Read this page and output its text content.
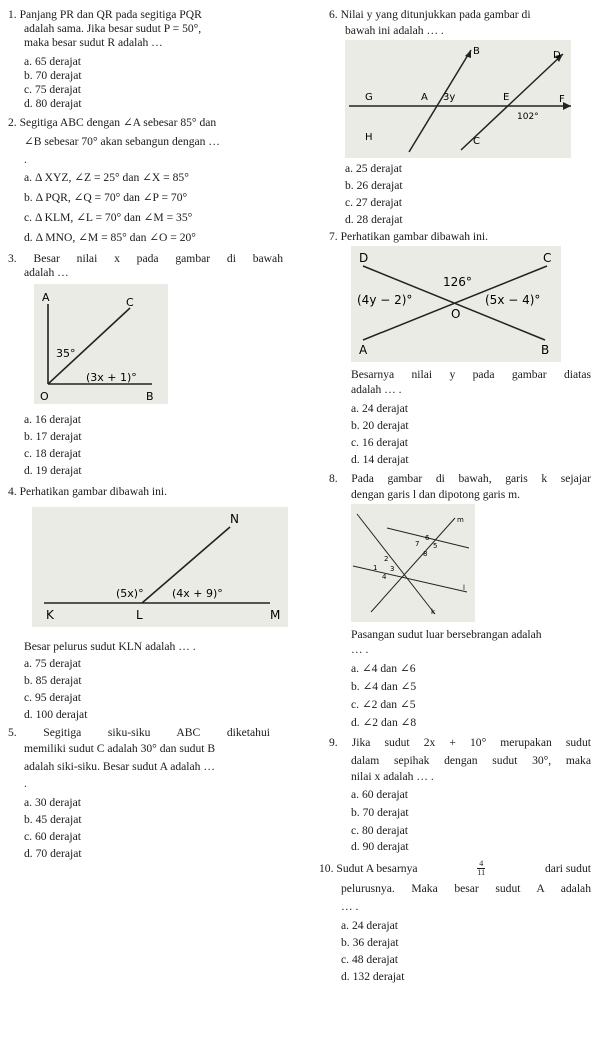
1. Panjang PR dan QR pada segitiga PQR
adalah sama. Jika besar sudut P = 50°,
maka besar sudut R adalah …
a. 65 derajat
b. 70 derajat
c. 75 derajat
d. 80 derajat
2. Segitiga ABC dengan ∠A sebesar 85° dan
∠B sebesar 70° akan sebangun dengan …
.
a. Δ XYZ, ∠Z = 25° dan ∠X = 85°
b. Δ PQR, ∠Q = 70° dan ∠P = 70°
c. Δ KLM, ∠L = 70° dan ∠M = 35°
d. Δ MNO, ∠M = 85° dan ∠O = 20°
3. Besar nilai x pada gambar di bawah
adalah …
A	C
O	B
35°
(3x + 1)°
a. 16 derajat
b. 17 derajat
c. 18 derajat
d. 19 derajat
4. Perhatikan gambar dibawah ini.
N
K	L	M
(5x)°	(4x + 9)°
Besar pelurus sudut KLN adalah … .
a. 75 derajat
b. 85 derajat
c. 95 derajat
d. 100 derajat
5. Segitiga siku-siku ABC diketahui
memiliki sudut C adalah 30° dan sudut B
adalah siki-siku. Besar sudut A adalah …
.
a. 30 derajat
b. 45 derajat
c. 60 derajat
d. 70 derajat
6. Nilai y yang ditunjukkan pada gambar di
bawah ini adalah … .
B	D
G	A 3y	E	F
102°
H	C
a. 25 derajat
b. 26 derajat
c. 27 derajat
d. 28 derajat
7. Perhatikan gambar dibawah ini.
D	C
A	B
O
126°
(4y − 2)°	(5x − 4)°
Besarnya nilai y pada gambar diatas
adalah … .
a. 24 derajat
b. 20 derajat
c. 16 derajat
d. 14 derajat
8. Pada gambar di bawah, garis k sejajar
dengan garis l dan dipotong garis m.
m
l
k
1
2
3
4
5
6
7
8
Pasangan sudut luar bersebrangan adalah
… .
a. ∠4 dan ∠6
b. ∠4 dan ∠5
c. ∠2 dan ∠5
d. ∠2 dan ∠8
9. Jika sudut 2x + 10° merupakan sudut
dalam sepihak dengan sudut 30°, maka
nilai x adalah … .
a. 60 derajat
b. 70 derajat
c. 80 derajat
d. 90 derajat
10. Sudut A besarnya	$\frac{4}{11}$	dari sudut
pelurusnya. Maka besar sudut A adalah
… .
a. 24 derajat
b. 36 derajat
c. 48 derajat
d. 132 derajat
